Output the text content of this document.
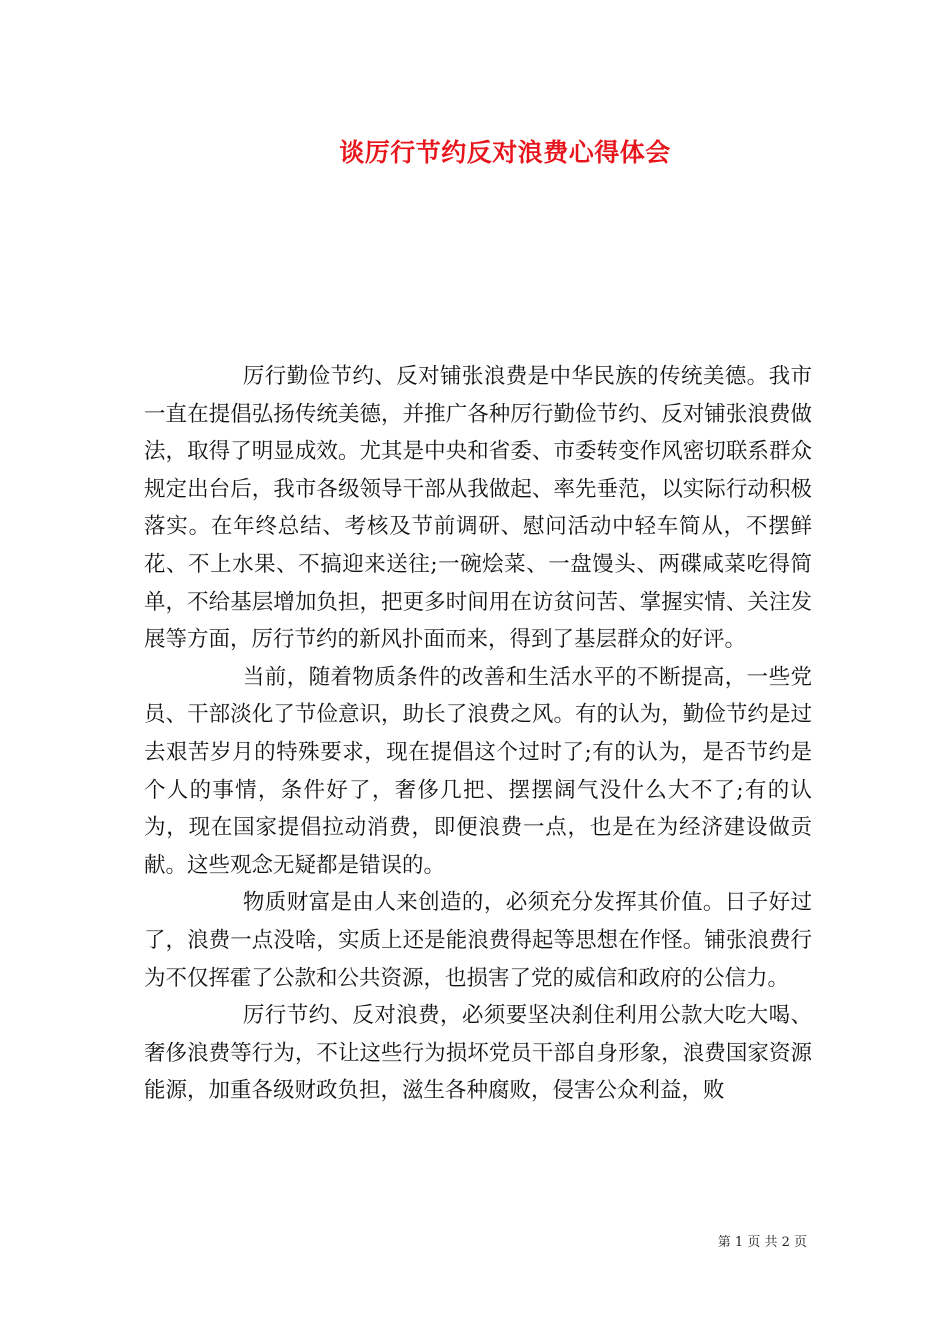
谈厉行节约反对浪费心得体会

厉行勤俭节约、反对铺张浪费是中华民族的传统美德。我市一直在提倡弘扬传统美德，并推广各种厉行勤俭节约、反对铺张浪费做法，取得了明显成效。尤其是中央和省委、市委转变作风密切联系群众规定出台后，我市各级领导干部从我做起、率先垂范，以实际行动积极落实。在年终总结、考核及节前调研、慰问活动中轻车简从，不摆鲜花、不上水果、不搞迎来送往;一碗烩菜、一盘馒头、两碟咸菜吃得简单，不给基层增加负担，把更多时间用在访贫问苦、掌握实情、关注发展等方面，厉行节约的新风扑面而来，得到了基层群众的好评。

当前，随着物质条件的改善和生活水平的不断提高，一些党员、干部淡化了节俭意识，助长了浪费之风。有的认为，勤俭节约是过去艰苦岁月的特殊要求，现在提倡这个过时了;有的认为，是否节约是个人的事情，条件好了，奢侈几把、摆摆阔气没什么大不了;有的认为，现在国家提倡拉动消费，即便浪费一点，也是在为经济建设做贡献。这些观念无疑都是错误的。

物质财富是由人来创造的，必须充分发挥其价值。日子好过了，浪费一点没啥，实质上还是能浪费得起等思想在作怪。铺张浪费行为不仅挥霍了公款和公共资源，也损害了党的威信和政府的公信力。

厉行节约、反对浪费，必须要坚决刹住利用公款大吃大喝、奢侈浪费等行为，不让这些行为损坏党员干部自身形象，浪费国家资源能源，加重各级财政负担，滋生各种腐败，侵害公众利益，败

第 1 页 共 2 页
